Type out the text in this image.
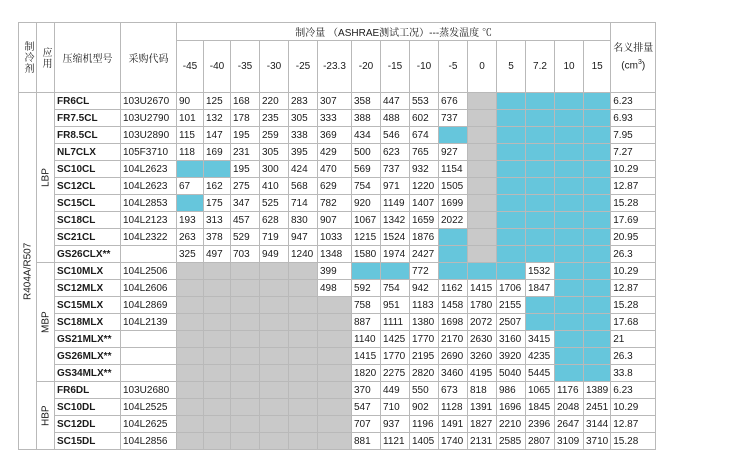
制冷剂	应用	压缩机型号	采购代码	制冷量 （ASHRAE测试工况）---蒸发温度 ℃															名义排量
$(cm^3)$
				-45	-40	-35	-30	-25	-23.3	-20	-15	-10	-5	0	5	7.2	10	15	
R404A/R507	LBP	FR6CL	103U2670	90	125	168	220	283	307	358	447	553	676						6.23
		FR7.5CL	103U2790	101	132	178	235	305	333	388	488	602	737						6.93
		FR8.5CL	103U2890	115	147	195	259	338	369	434	546	674							7.95
		NL7CLX	105F3710	118	169	231	305	395	429	500	623	765	927						7.27
		SC10CL	104L2623			195	300	424	470	569	737	932	1154						10.29
		SC12CL	104L2623	67	162	275	410	568	629	754	971	1220	1505						12.87
		SC15CL	104L2853		175	347	525	714	782	920	1149	1407	1699						15.28
		SC18CL	104L2123	193	313	457	628	830	907	1067	1342	1659	2022						17.69
		SC21CL	104L2322	263	378	529	719	947	1033	1215	1524	1876							20.95
		GS26CLX**		325	497	703	949	1240	1348	1580	1974	2427							26.3
	MBP	SC10MLX	104L2506						399			772				1532			10.29
		SC12MLX	104L2606						498	592	754	942	1162	1415	1706	1847			12.87
		SC15MLX	104L2869							758	951	1183	1458	1780	2155				15.28
		SC18MLX	104L2139							887	1111	1380	1698	2072	2507				17.68
		GS21MLX**								1140	1425	1770	2170	2630	3160	3415			21
		GS26MLX**								1415	1770	2195	2690	3260	3920	4235			26.3
		GS34MLX**								1820	2275	2820	3460	4195	5040	5445			33.8
	HBP	FR6DL	103U2680							370	449	550	673	818	986	1065	1176	1389	6.23
		SC10DL	104L2525							547	710	902	1128	1391	1696	1845	2048	2451	10.29
		SC12DL	104L2625							707	937	1196	1491	1827	2210	2396	2647	3144	12.87
		SC15DL	104L2856							881	1121	1405	1740	2131	2585	2807	3109	3710	15.28
